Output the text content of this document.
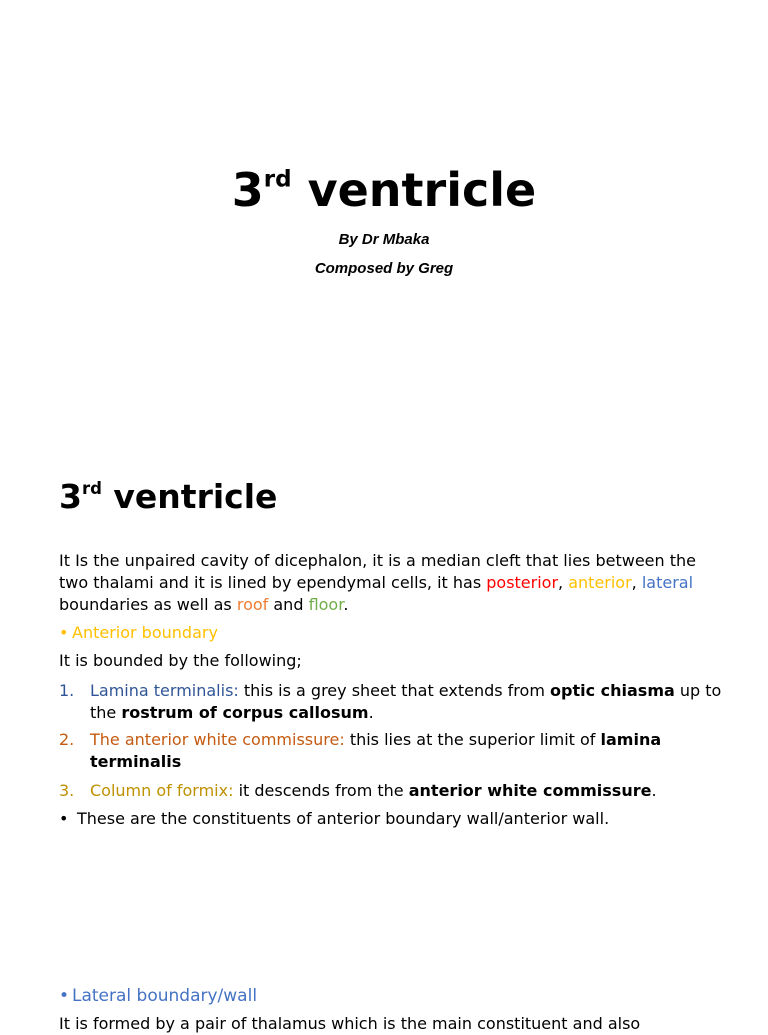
3rd ventricle
By Dr Mbaka
Composed by Greg
3rd ventricle
It Is the unpaired cavity of dicephalon, it is a median cleft that lies between the
two thalami and it is lined by ependymal cells, it has posterior, anterior, lateral
boundaries as well as roof and floor.
• Anterior boundary
It is bounded by the following;
1. Lamina terminalis: this is a grey sheet that extends from optic chiasma up to
the rostrum of corpus callosum.
2. The anterior white commissure: this lies at the superior limit of lamina
terminalis
3. Column of formix: it descends from the anterior white commissure.
• These are the constituents of anterior boundary wall/anterior wall.
• Lateral boundary/wall
It is formed by a pair of thalamus which is the main constituent and also
